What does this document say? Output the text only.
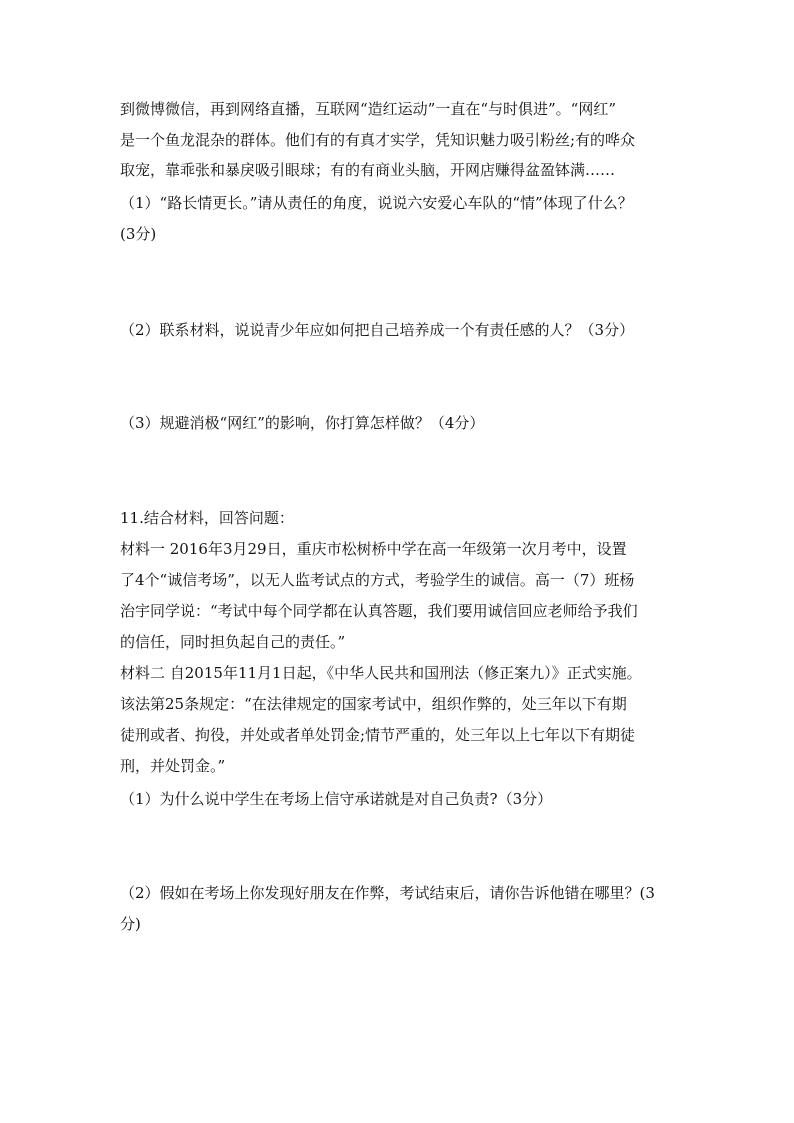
到微博微信，再到网络直播，互联网“造红运动”一直在“与时俱进”。“网红”
是一个鱼龙混杂的群体。他们有的有真才实学，凭知识魅力吸引粉丝;有的哗众
取宠，靠乖张和暴戾吸引眼球；有的有商业头脑，开网店赚得盆盈钵满……
（1）“路长情更长。”请从责任的角度，说说六安爱心车队的“情”体现了什么？
(3分)
（2）联系材料，说说青少年应如何把自己培养成一个有责任感的人？（3分）
（3）规避消极“网红”的影响，你打算怎样做？（4分）
11.结合材料，回答问题：
材料一 2016年3月29日，重庆市松树桥中学在高一年级第一次月考中，设置
了4个“诚信考场”，以无人监考试点的方式，考验学生的诚信。高一（7）班杨
治宇同学说：“考试中每个同学都在认真答题，我们要用诚信回应老师给予我们
的信任，同时担负起自己的责任。”
材料二 自2015年11月1日起，《中华人民共和国刑法（修正案九）》正式实施。
该法第25条规定：“在法律规定的国家考试中，组织作弊的，处三年以下有期
徒刑或者、拘役，并处或者单处罚金;情节严重的，处三年以上七年以下有期徒
刑，并处罚金。”
（1）为什么说中学生在考场上信守承诺就是对自己负责?（3分）
（2）假如在考场上你发现好朋友在作弊，考试结束后，请你告诉他错在哪里？(3
分)
